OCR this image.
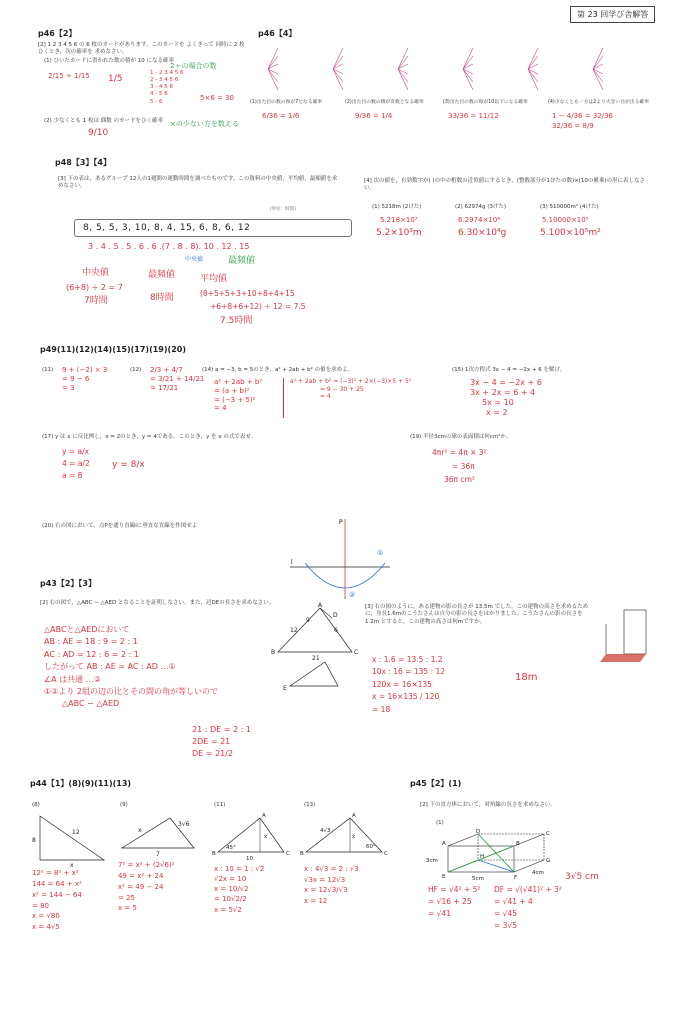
第 23 回学び舎解答
p46【2】
[2] 1 2 3 4 5 6 の 6 枚のカードがあります。このカードを よくきって 同時に 2 枚ひくとき，次の確率を 求めなさい。
(1) ひいたカードに書かれた数の積が 10 になる確率
2/15 ÷ 1/15 1/5
2ヶの場合の数
1 - 2 3 4 5 6
2 - 3 4 5 6
3 - 4 5 6
4 - 5 6
5 - 6	5×6 = 30
(2) 少なくとも 1 枚は 偶数 のカードをひく確率
9/10
×の少ない方を数える
p46【4】
(1)出た目の数の和が7となる確率	(2)出た目の数の積が奇数となる確率	(3)出た目の数の和が10以下になる確率	(4)少なくとも一方は2より大きい目が出る確率
6/36 = 1/6	9/36 = 1/4	33/36 = 11/12	1 − 4/36 = 32/36
32/36 = 8/9
p48【3】【4】
[3] 下の表は，あるグループ 12人の1週間の運動時間を調べたものです。この資料の中央値，平均値，最頻値を求めなさい。
(単位：時間)
8, 5, 5, 3, 10, 8, 4, 15, 6, 8, 6, 12
3 . 4 . 5 . 5 . 6 . 6 .(7 . 8 . 8). 10 . 12 . 15
中央値	最頻値
中央値	最頻値	平均値
(6+8) ÷ 2 = 7
7時間	8時間	(8+5+5+3+10+8+4+15
+6+8+6+12) ÷ 12 = 7.5
7.5時間
[4] 次の値を，有効数字が( )の中の桁数の近似値にするとき，(整数部分が1けたの数)×(10の累乗)の形に表しなさい。
(1) 5218m (2けた)	(2) 62974g (3けた)	(3) 510000m² (4けた)
5.218×10³
5.2×10³m
6.2974×10⁴
6.30×10⁴g
5.10000×10⁵
5.100×10⁵m²
p49(11)(12)(14)(15)(17)(19)(20)
(11) 9 + (−2) × 3
= 9 − 6
= 3
(12) 2/3 + 4/7
= 3/21 + 14/21
= 17/21
(14) a = −3, b = 5のとき，a² + 2ab + b² の値を求めよ。
a² + 2ab + b²
= (a + b)²
= (−3 + 5)²
= 4
a² + 2ab + b² = (−3)² + 2×(−3)×5 + 5²
= 9 − 30 + 25
= 4
(15) 1次方程式 3x − 4 = −2x + 6 を解け。
3x − 4 = −2x + 6
3x + 2x = 6 + 4
5x = 10
x = 2
(17) y は x に反比例し，x = 2のとき，y = 4である。このとき，y を x の式で表せ。
y = a/x
4 = a/2
a = 8
y = 8/x
(19) 半径3cmの球の表面積は何cm²か。
4πr² = 4π × 3²
= 36π
36π cm²
(20) 右の図において，点Pを通り直線lに垂直な直線を作図せよ	P
l
①
②
p43【2】【3】
[2] 右の図で，△ABC ∽ △AED となることを証明しなさい。また，辺DEの長さを求めなさい。
△ABCと△AEDにおいて
AB : AE = 18 : 9 = 2 : 1
AC : AD = 12 : 6 = 2 : 1
したがって AB : AE = AC : AD …①
∠A は共通 …②
①②より 2組の辺の比とその間の角が等しいので
△ABC ∽ △AED
21 : DE = 2 : 1
2DE = 21
DE = 21/2
A
B	C
D
E
12
9
6
21
[3] 右の図のように，ある建物の影の長さが 13.5m でした。この建物の高さを求めるために，身長1.6mのこうたさんは自分の影の長さをはかりました。こうたさんの影の長さを 1.2m とすると，この建物の高さは何mですか。
x : 1.6 = 13.5 : 1.2
10x : 16 = 135 : 12
120x = 16×135
x = 16×135 / 120
= 18
18m
p44【1】(8)(9)(11)(13)
(8)
8
12
x
12² = 8² + x²
144 = 64 + x²
x² = 144 − 64
= 80
x = √80
x = 4√5
(9)
3√6
7
x
7² = x² + (2√6)²
49 = x² + 24
x² = 49 − 24
= 25
x = 5
(11)
A
B	C
45°
10
x
x : 10 = 1 : √2
√2x = 10
x = 10/√2
= 10√2/2
x = 5√2
(13)
A
B	C
4√3
60°
x
x : 4√3 = 2 : √3
√3x = 12√3
x = 12√3/√3
x = 12
p45【2】(1)
[2] 下の直方体において，対角線の長さを求めなさい。
(1)
A	B
C
D
E	F
G
H
3cm
5cm
4cm
HF = √4² + 5²
= √16 + 25
= √41
DF = √(√41)² + 3²
= √41 + 4
= √45
= 3√5
3√5 cm
